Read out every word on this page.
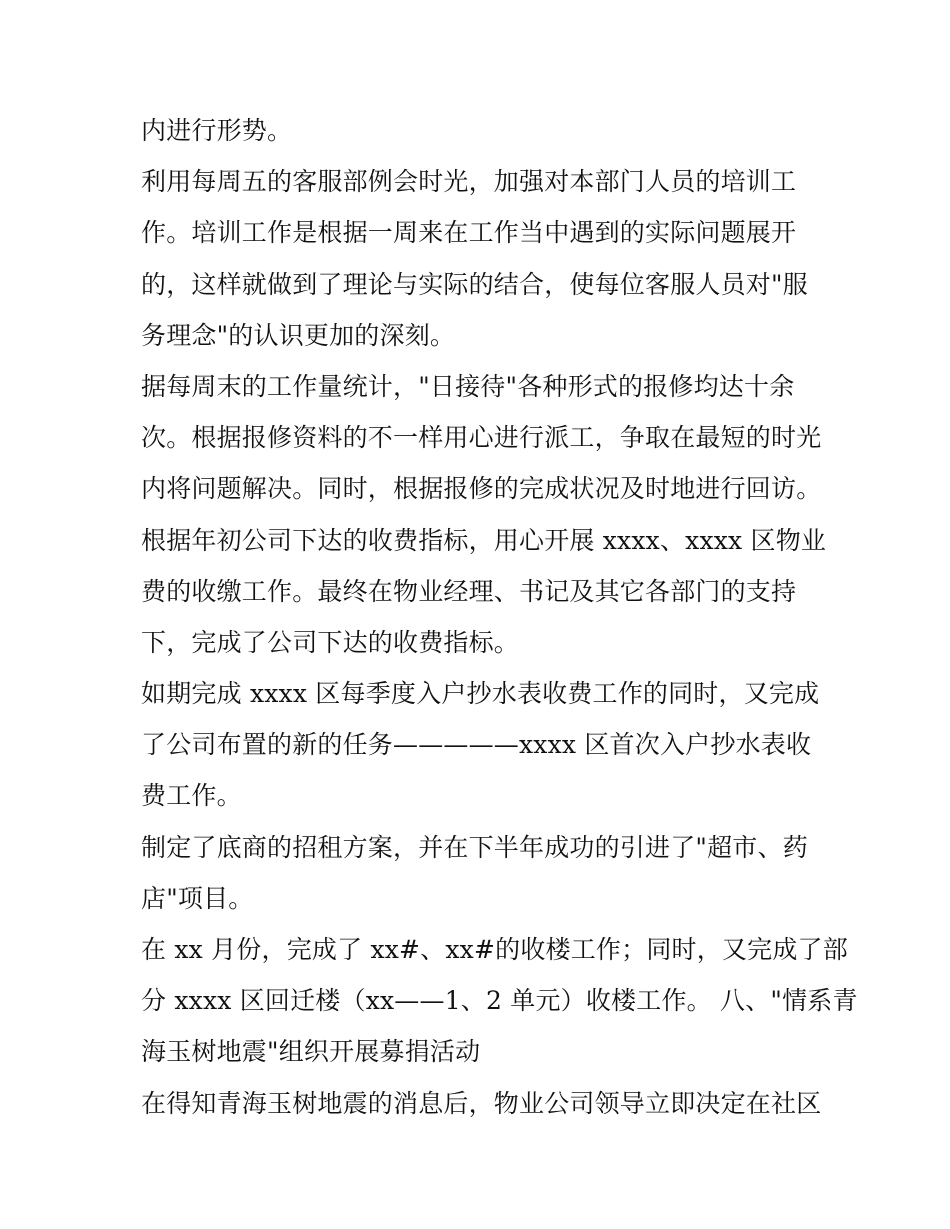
内进行形势。
利用每周五的客服部例会时光，加强对本部门人员的培训工
作。培训工作是根据一周来在工作当中遇到的实际问题展开
的，这样就做到了理论与实际的结合，使每位客服人员对"服
务理念"的认识更加的深刻。
据每周末的工作量统计，"日接待"各种形式的报修均达十余
次。根据报修资料的不一样用心进行派工，争取在最短的时光
内将问题解决。同时，根据报修的完成状况及时地进行回访。
根据年初公司下达的收费指标，用心开展 xxxx、xxxx 区物业
费的收缴工作。最终在物业经理、书记及其它各部门的支持
下，完成了公司下达的收费指标。
如期完成 xxxx 区每季度入户抄水表收费工作的同时，又完成
了公司布置的新的任务—————xxxx 区首次入户抄水表收
费工作。
制定了底商的招租方案，并在下半年成功的引进了"超市、药
店"项目。
在 xx 月份，完成了 xx#、xx#的收楼工作；同时，又完成了部
分 xxxx 区回迁楼（xx——1、2 单元）收楼工作。 八、"情系青
海玉树地震"组织开展募捐活动
在得知青海玉树地震的消息后，物业公司领导立即决定在社区
